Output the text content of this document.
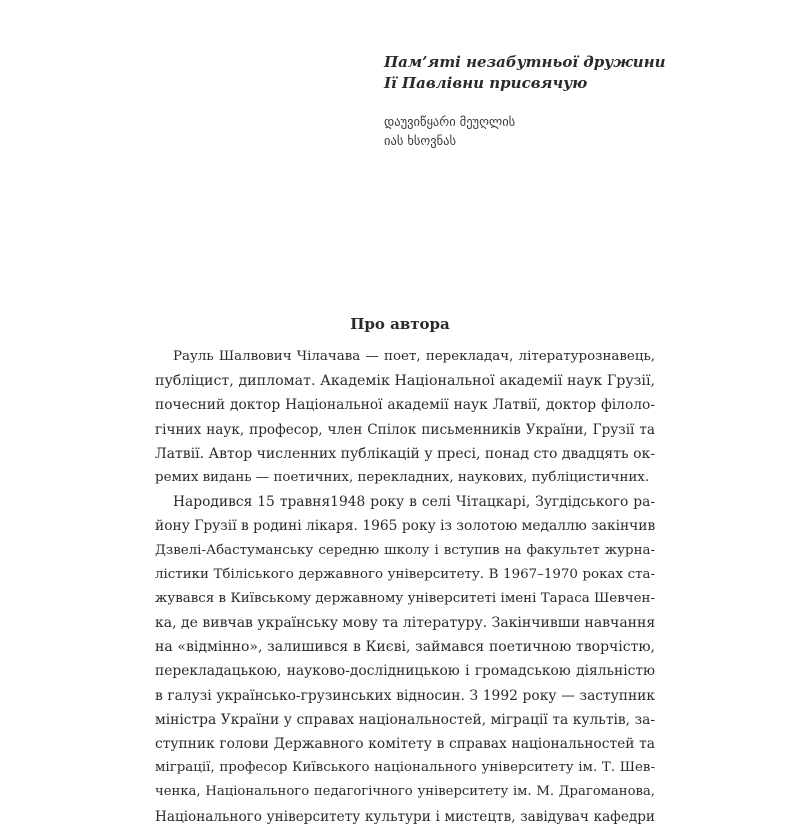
Пам’яті незабутньої дружини
Ії Павлівни присвячую
დაუვიწყარი მეუღლის
იას ხსოვნას
Про автора
Рауль Шалвович Чілачава — поет, перекладач, літературознавець,
публіцист, дипломат. Академік Національної академії наук Грузії,
почесний доктор Національної академії наук Латвії, доктор філоло-
гічних наук, професор, член Спілок письменників України, Грузії та
Латвії. Автор численних публікацій у пресі, понад сто двадцять ок-
ремих видань — поетичних, перекладних, наукових, публіцистичних.
Народився 15 травня1948 року в селі Чітацкарі, Зугдідського ра-
йону Грузії в родині лікаря. 1965 року із золотою медаллю закінчив
Дзвелі-Абастуманську середню школу і вступив на факультет журна-
лістики Тбіліського державного університету. В 1967–1970 роках ста-
жувався в Київському державному університеті імені Тараса Шевчен-
ка, де вивчав українську мову та літературу. Закінчивши навчання
на «відмінно», залишився в Києві, займався поетичною творчістю,
перекладацькою, науково-дослідницькою і громадською діяльністю
в галузі українсько-грузинських відносин. З 1992 року — заступник
міністра України у справах національностей, міграції та культів, за-
ступник голови Державного комітету в справах національностей та
міграції, професор Київського національного університету ім. Т. Шев-
ченка, Національного педагогічного університету ім. М. Драгоманова,
Національного університету культури і мистецтв, завідувач кафедри
